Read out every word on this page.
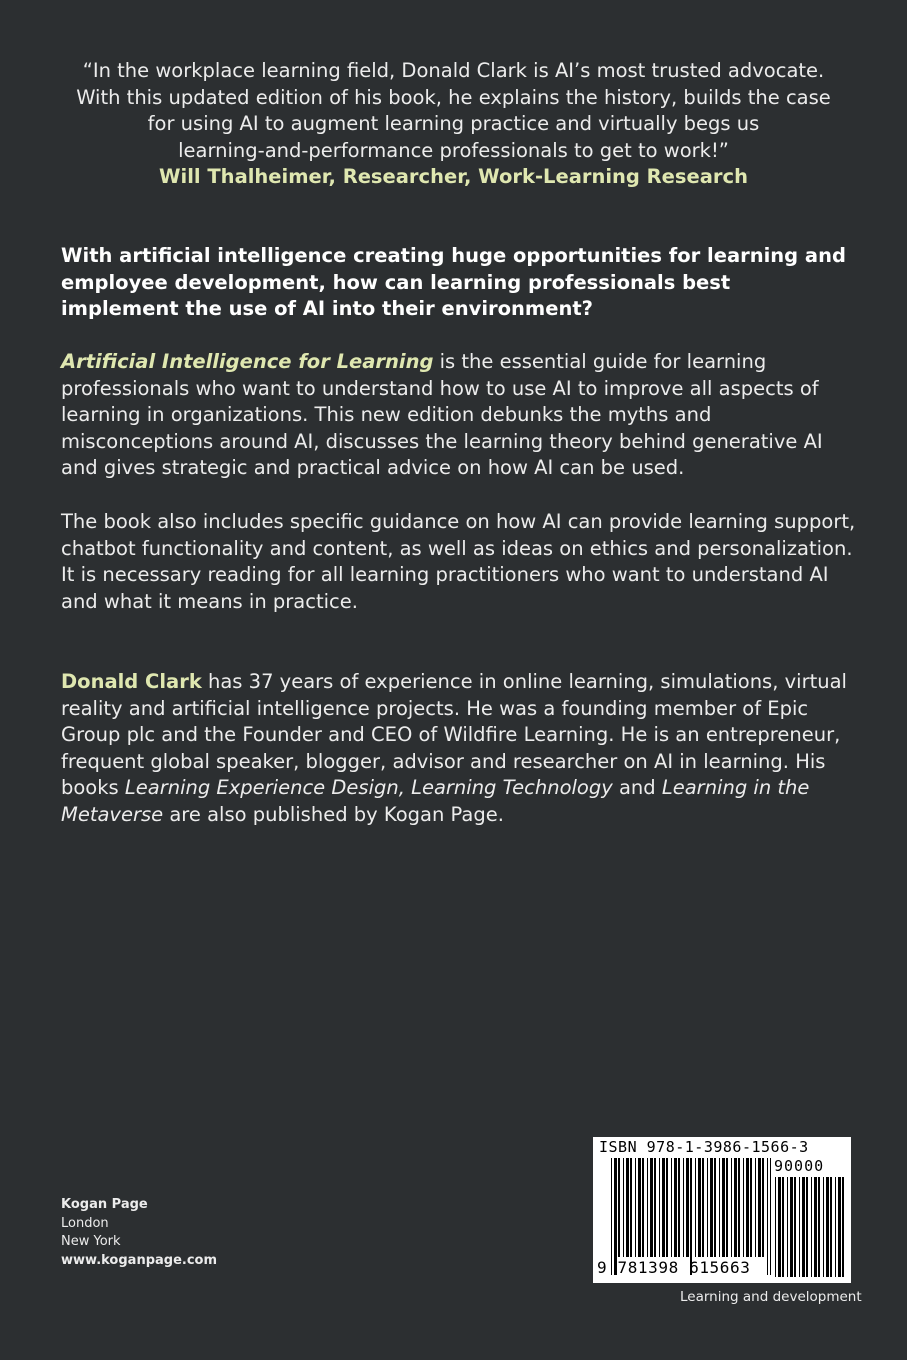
“In the workplace learning field, Donald Clark is AI’s most trusted advocate.
With this updated edition of his book, he explains the history, builds the case
for using AI to augment learning practice and virtually begs us
learning-and-performance professionals to get to work!”
Will Thalheimer, Researcher, Work-Learning Research
With artificial intelligence creating huge opportunities for learning and employee development, how can learning professionals best implement the use of AI into their environment?
Artificial Intelligence for Learning is the essential guide for learning professionals who want to understand how to use AI to improve all aspects of learning in organizations. This new edition debunks the myths and misconceptions around AI, discusses the learning theory behind generative AI and gives strategic and practical advice on how AI can be used.
The book also includes specific guidance on how AI can provide learning support, chatbot functionality and content, as well as ideas on ethics and personalization. It is necessary reading for all learning practitioners who want to understand AI and what it means in practice.
Donald Clark has 37 years of experience in online learning, simulations, virtual reality and artificial intelligence projects. He was a founding member of Epic Group plc and the Founder and CEO of Wildfire Learning. He is an entrepreneur, frequent global speaker, blogger, advisor and researcher on AI in learning. His books Learning Experience Design, Learning Technology and Learning in the Metaverse are also published by Kogan Page.
Kogan Page
London
New York
www.koganpage.com
ISBN 978-1-3986-1566-3
90000
9 781398 615663
Learning and development
